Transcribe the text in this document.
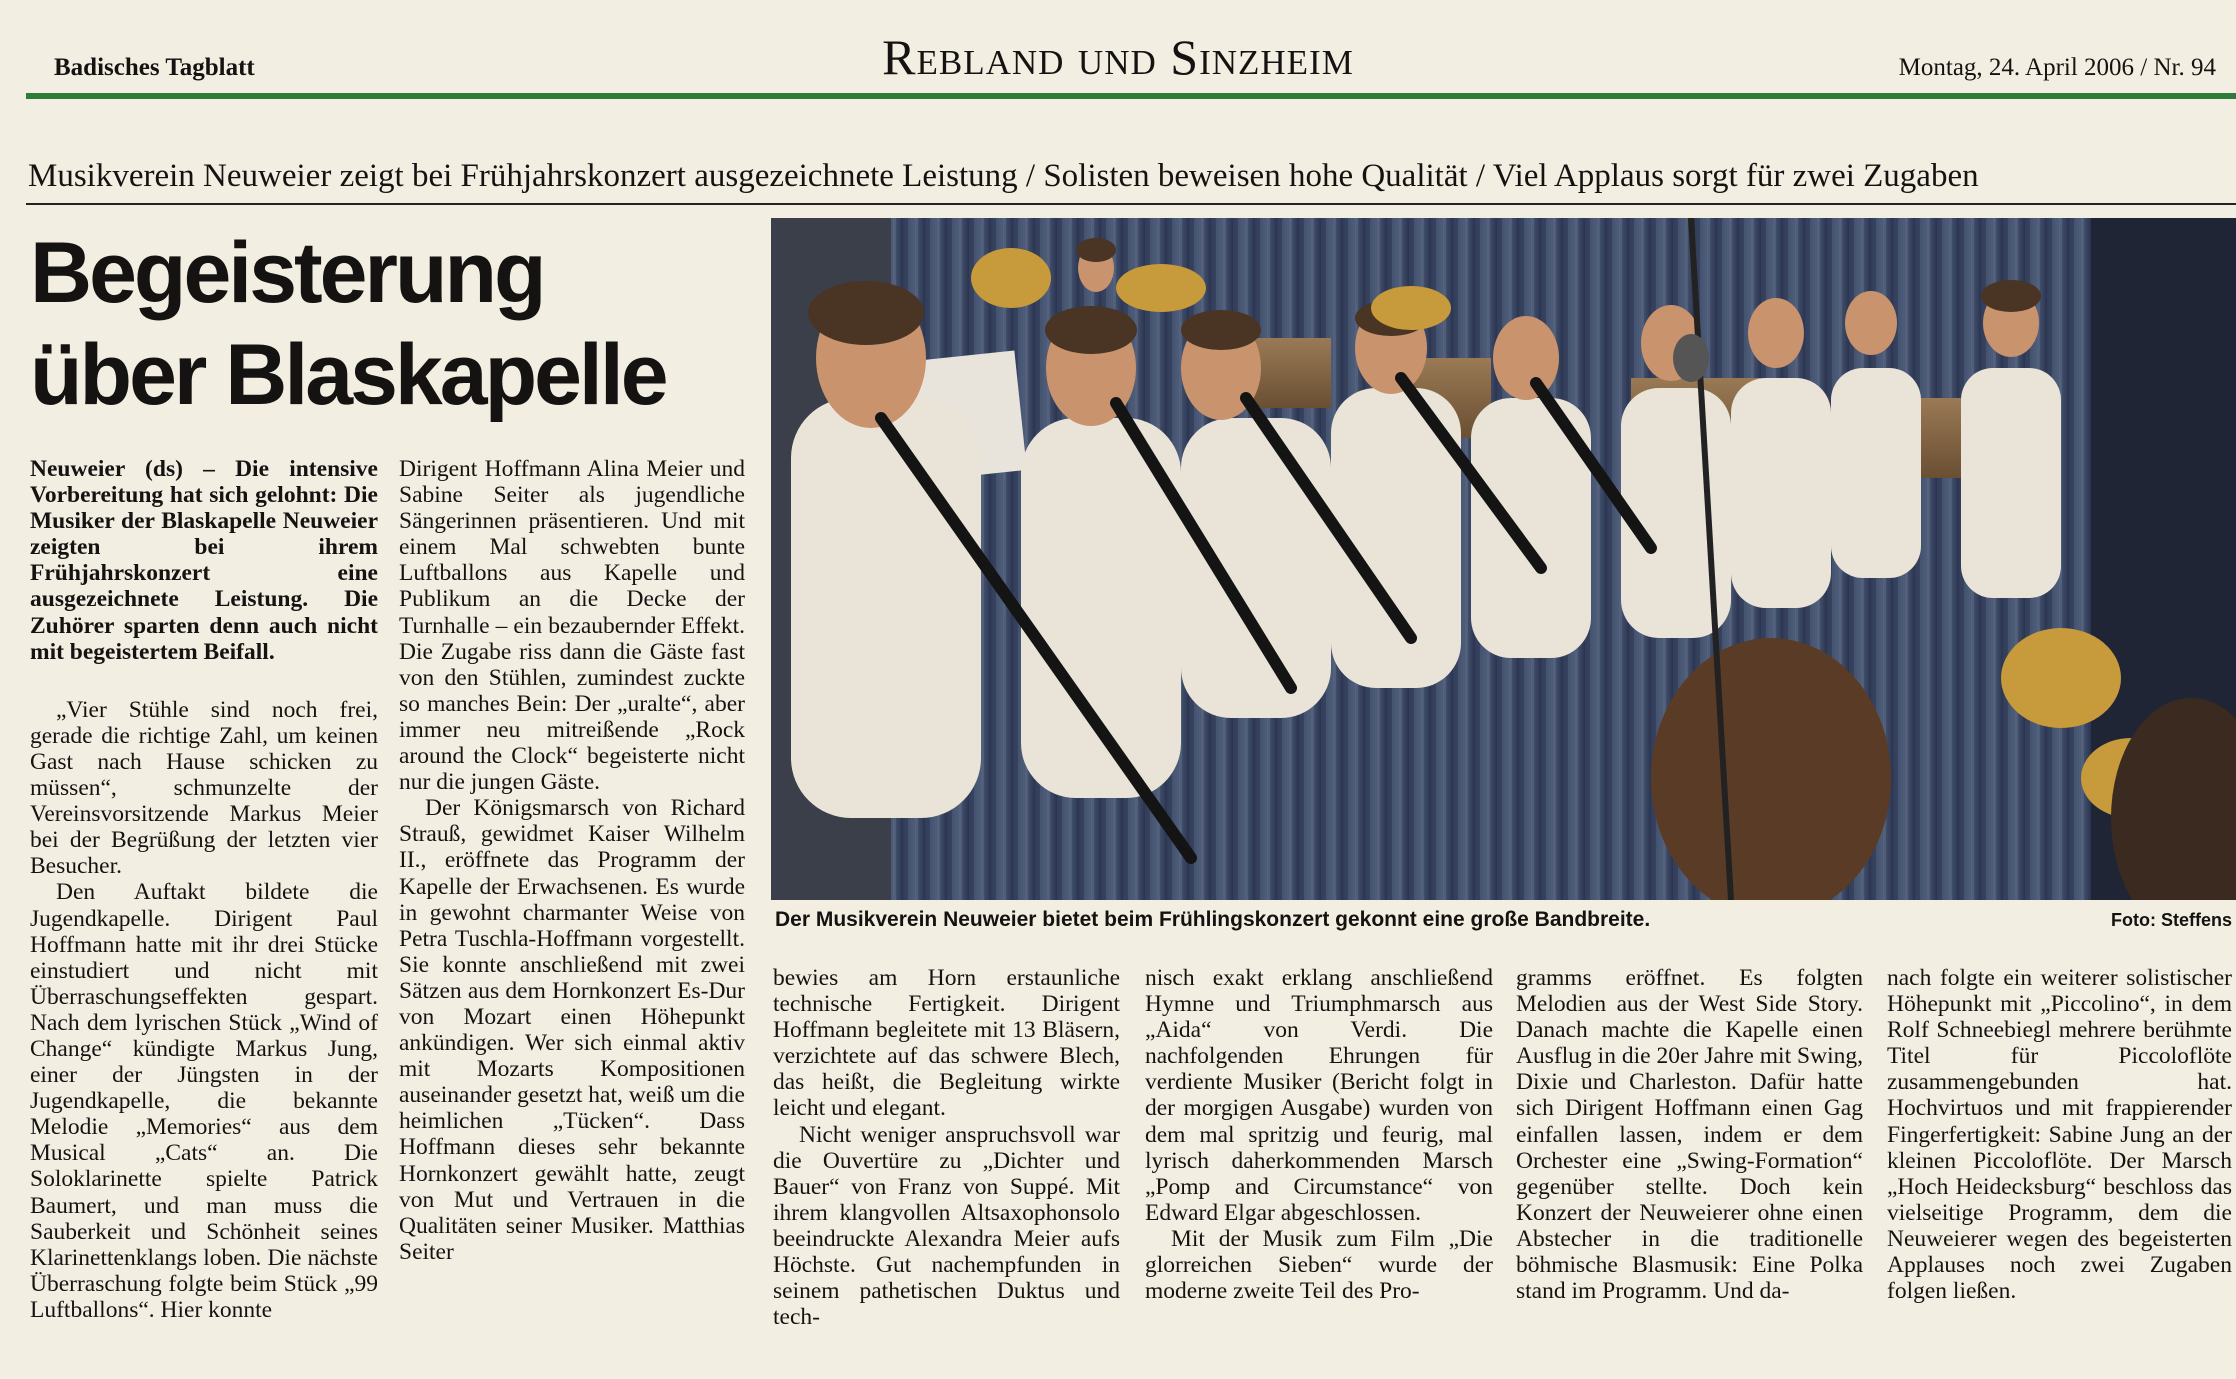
Badisches Tagblatt	Montag, 24. April 2006 / Nr. 94
Rebland und Sinzheim
Musikverein Neuweier zeigt bei Frühjahrskonzert ausgezeichnete Leistung / Solisten beweisen hohe Qualität / Viel Applaus sorgt für zwei Zugaben
Begeisterung
über Blaskapelle

Neuweier (ds) – Die intensive Vorbereitung hat sich gelohnt: Die Musiker der Blaskapelle Neuweier zeigten bei ihrem Frühjahrskonzert eine ausgezeichnete Leistung. Die Zuhörer sparten denn auch nicht mit begeistertem Beifall.

„Vier Stühle sind noch frei, gerade die richtige Zahl, um keinen Gast nach Hause schicken zu müssen“, schmunzelte der Vereinsvorsitzende Markus Meier bei der Begrüßung der letzten vier Besucher.

Den Auftakt bildete die Jugendkapelle. Dirigent Paul Hoffmann hatte mit ihr drei Stücke einstudiert und nicht mit Überraschungseffekten gespart. Nach dem lyrischen Stück „Wind of Change“ kündigte Markus Jung, einer der Jüngsten in der Jugendkapelle, die bekannte Melodie „Memories“ aus dem Musical „Cats“ an. Die Soloklarinette spielte Patrick Baumert, und man muss die Sauberkeit und Schönheit seines Klarinettenklangs loben. Die nächste Überraschung folgte beim Stück „99 Luftballons“. Hier konnte

Dirigent Hoffmann Alina Meier und Sabine Seiter als jugendliche Sängerinnen präsentieren. Und mit einem Mal schwebten bunte Luftballons aus Kapelle und Publikum an die Decke der Turnhalle – ein bezaubernder Effekt. Die Zugabe riss dann die Gäste fast von den Stühlen, zumindest zuckte so manches Bein: Der „uralte“, aber immer neu mitreißende „Rock around the Clock“ begeisterte nicht nur die jungen Gäste.

Der Königsmarsch von Richard Strauß, gewidmet Kaiser Wilhelm II., eröffnete das Programm der Kapelle der Erwachsenen. Es wurde in gewohnt charmanter Weise von Petra Tuschla-Hoffmann vorgestellt. Sie konnte anschließend mit zwei Sätzen aus dem Hornkonzert Es-Dur von Mozart einen Höhepunkt ankündigen. Wer sich einmal aktiv mit Mozarts Kompositionen auseinander gesetzt hat, weiß um die heimlichen „Tücken“. Dass Hoffmann dieses sehr bekannte Hornkonzert gewählt hatte, zeugt von Mut und Vertrauen in die Qualitäten seiner Musiker. Matthias Seiter

bewies am Horn erstaunliche technische Fertigkeit. Dirigent Hoffmann begleitete mit 13 Bläsern, verzichtete auf das schwere Blech, das heißt, die Begleitung wirkte leicht und elegant.

Nicht weniger anspruchsvoll war die Ouvertüre zu „Dichter und Bauer“ von Franz von Suppé. Mit ihrem klangvollen Altsaxophonsolo beeindruckte Alexandra Meier aufs Höchste. Gut nachempfunden in seinem pathetischen Duktus und tech-

nisch exakt erklang anschließend Hymne und Triumphmarsch aus „Aida“ von Verdi. Die nachfolgenden Ehrungen für verdiente Musiker (Bericht folgt in der morgigen Ausgabe) wurden von dem mal spritzig und feurig, mal lyrisch daherkommenden Marsch „Pomp and Circumstance“ von Edward Elgar abgeschlossen.

Mit der Musik zum Film „Die glorreichen Sieben“ wurde der moderne zweite Teil des Pro-

gramms eröffnet. Es folgten Melodien aus der West Side Story. Danach machte die Kapelle einen Ausflug in die 20er Jahre mit Swing, Dixie und Charleston. Dafür hatte sich Dirigent Hoffmann einen Gag einfallen lassen, indem er dem Orchester eine „Swing-Formation“ gegenüber stellte. Doch kein Konzert der Neuweierer ohne einen Abstecher in die traditionelle böhmische Blasmusik: Eine Polka stand im Programm. Und da-

nach folgte ein weiterer solistischer Höhepunkt mit „Piccolino“, in dem Rolf Schneebiegl mehrere berühmte Titel für Piccoloflöte zusammengebunden hat. Hochvirtuos und mit frappierender Fingerfertigkeit: Sabine Jung an der kleinen Piccoloflöte. Der Marsch „Hoch Heidecksburg“ beschloss das vielseitige Programm, dem die Neuweierer wegen des begeisterten Applauses noch zwei Zugaben folgen ließen.

Der Musikverein Neuweier bietet beim Frühlingskonzert gekonnt eine große Bandbreite.	Foto: Steffens
